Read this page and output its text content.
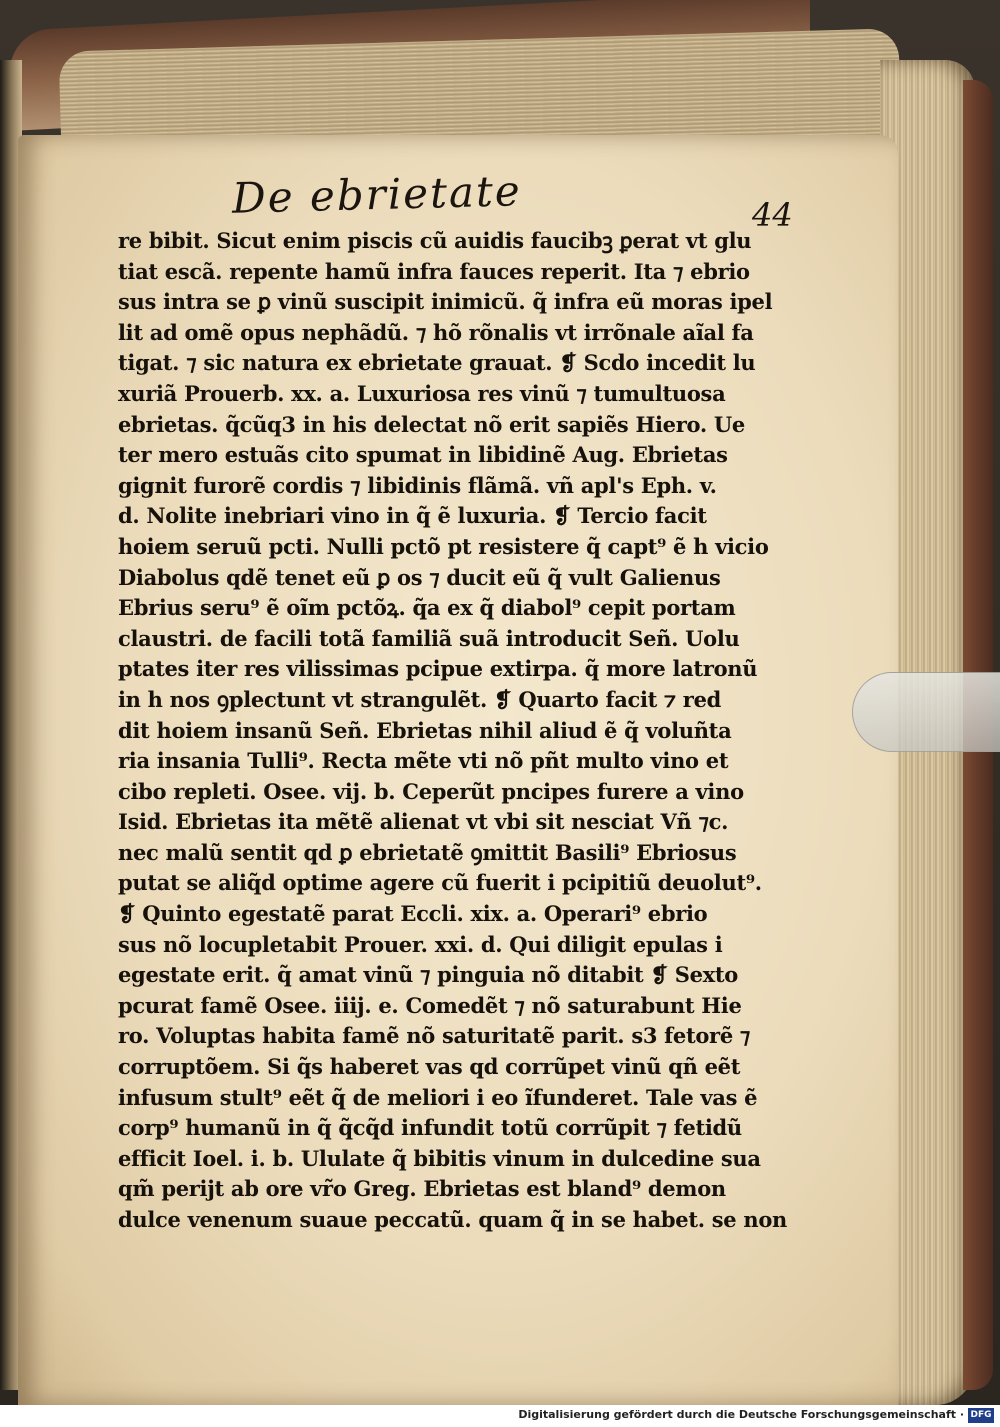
De ebrietate	44
re bibit. Sicut enim piscis cũ auidis faucibꝫ ꝑerat vt glu
tiat escã. repente hamũ infra fauces reperit. Ita ⁊ ebrio
sus intra se ꝑ vinũ suscipit inimicũ. q̃ infra eũ moras ipel
lit ad omẽ opus nephãdũ. ⁊ hõ rõnalis vt irrõnale aĩal fa
tigat. ⁊ sic natura ex ebrietate grauat. ❡ Scdo incedit lu
xuriã Prouerb. xx. a. Luxuriosa res vinũ ⁊ tumultuosa
ebrietas. q̃cũq3 in his delectat nõ erit sapiẽs Hiero. Ue
ter mero estuãs cito spumat in libidinẽ Aug. Ebrietas
gignit furorẽ cordis ⁊ libidinis flãmã. vñ apl's Eph. v.
d. Nolite inebriari vino in q̃ ẽ luxuria. ❡ Tercio facit
hoiem seruũ pcti. Nulli pctõ pt resistere q̃ capt⁹ ẽ h vicio
Diabolus qdẽ tenet eũ ꝑ os ⁊ ducit eũ q̃ vult Galienus
Ebrius seru⁹ ẽ oĩm pctõꝝ. q̃a ex q̃ diabol⁹ cepit portam
claustri. de facili totã familiã suã introducit Señ. Uolu
ptates iter res vilissimas pcipue extirpa. q̃ more latronũ
in h nos ꝯplectunt vt strangulẽt. ❡ Quarto facit ⁊ red
dit hoiem insanũ Señ. Ebrietas nihil aliud ẽ q̃ voluñta
ria insania Tulli⁹. Recta mẽte vti nõ pñt multo vino et
cibo repleti. Osee. vij. b. Ceperũt pncipes furere a vino
Isid. Ebrietas ita mẽtẽ alienat vt vbi sit nesciat Vñ ⁊c.
nec malũ sentit qd ꝑ ebrietatẽ ꝯmittit Basili⁹ Ebriosus
putat se aliq̃d optime agere cũ fuerit i pcipitiũ deuolut⁹.
❡ Quinto egestatẽ parat Eccli. xix. a. Operari⁹ ebrio
sus nõ locupletabit Prouer. xxi. d. Qui diligit epulas i
egestate erit. q̃ amat vinũ ⁊ pinguia nõ ditabit ❡ Sexto
pcurat famẽ Osee. iiij. e. Comedẽt ⁊ nõ saturabunt Hie
ro. Voluptas habita famẽ nõ saturitatẽ parit. s3 fetorẽ ⁊
corruptõem. Si q̃s haberet vas qd corrũpet vinũ qñ eẽt
infusum stult⁹ eẽt q̃ de meliori i eo ĩfunderet. Tale vas ẽ
corp⁹ humanũ in q̃ q̃cq̃d infundit totũ corrũpit ⁊ fetidũ
efficit Ioel. i. b. Ululate q̃ bibitis vinum in dulcedine sua
qm̃ perijt ab ore vr̃o Greg. Ebrietas est bland⁹ demon
dulce venenum suaue peccatũ. quam q̃ in se habet. se non
Digitalisierung gefördert durch die Deutsche Forschungsgemeinschaft · DFG
